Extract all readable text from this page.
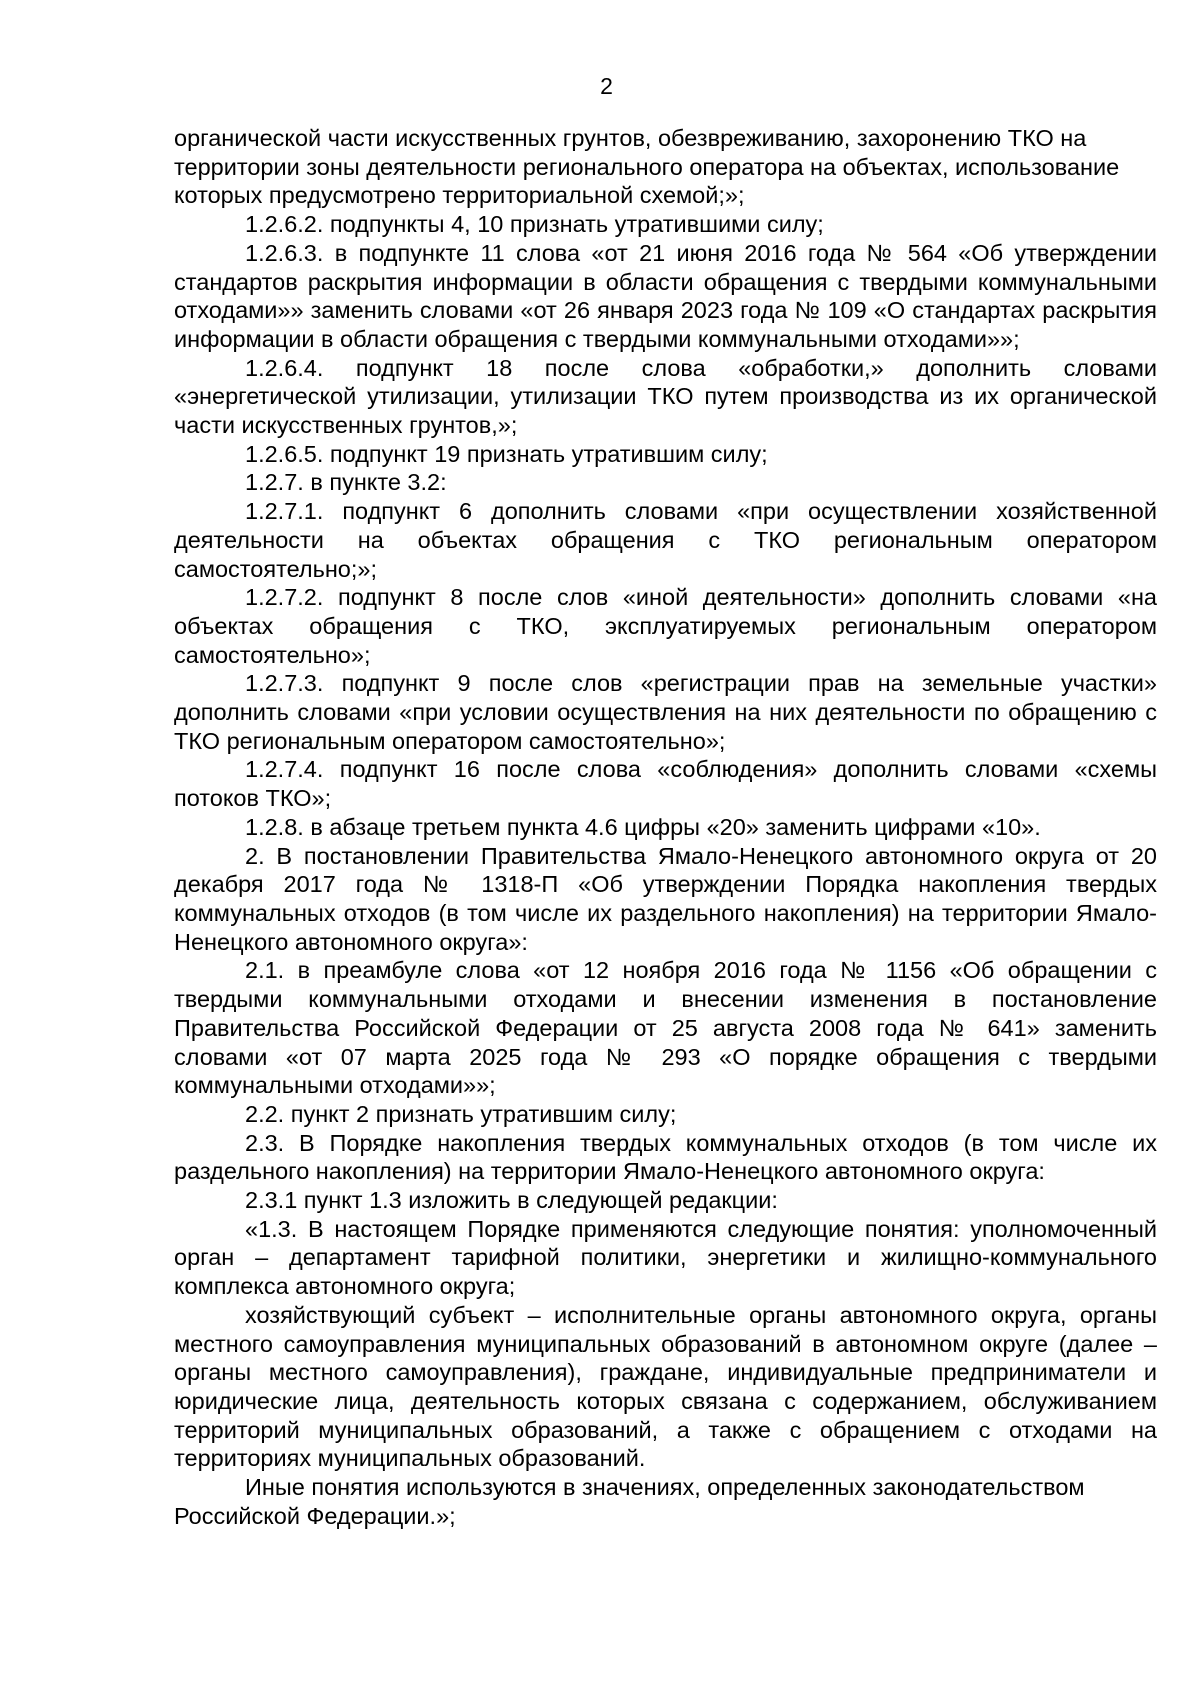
2

органической части искусственных грунтов, обезвреживанию, захоронению ТКО на территории зоны деятельности регионального оператора на объектах, использование которых предусмотрено территориальной схемой;»;

1.2.6.2. подпункты 4, 10 признать утратившими силу;

1.2.6.3. в подпункте 11 слова «от 21 июня 2016 года № 564 «Об утверждении стандартов раскрытия информации в области обращения с твердыми коммунальными отходами»» заменить словами «от 26 января 2023 года № 109 «О стандартах раскрытия информации в области обращения с твердыми коммунальными отходами»»;

1.2.6.4. подпункт 18 после слова «обработки,» дополнить словами «энергетической утилизации, утилизации ТКО путем производства из их органической части искусственных грунтов,»;

1.2.6.5. подпункт 19 признать утратившим силу;

1.2.7. в пункте 3.2:

1.2.7.1. подпункт 6 дополнить словами «при осуществлении хозяйственной деятельности на объектах обращения с ТКО региональным оператором самостоятельно;»;

1.2.7.2. подпункт 8 после слов «иной деятельности» дополнить словами «на объектах обращения с ТКО, эксплуатируемых региональным оператором самостоятельно»;

1.2.7.3. подпункт 9 после слов «регистрации прав на земельные участки» дополнить словами «при условии осуществления на них деятельности по обращению с ТКО региональным оператором самостоятельно»;

1.2.7.4. подпункт 16 после слова «соблюдения» дополнить словами «схемы потоков ТКО»;

1.2.8. в абзаце третьем пункта 4.6 цифры «20» заменить цифрами «10».

2. В постановлении Правительства Ямало-Ненецкого автономного округа от 20 декабря 2017 года № 1318-П «Об утверждении Порядка накопления твердых коммунальных отходов (в том числе их раздельного накопления) на территории Ямало-Ненецкого автономного округа»:

2.1. в преамбуле слова «от 12 ноября 2016 года № 1156 «Об обращении с твердыми коммунальными отходами и внесении изменения в постановление Правительства Российской Федерации от 25 августа 2008 года № 641» заменить словами «от 07 марта 2025 года № 293 «О порядке обращения с твердыми коммунальными отходами»»;

2.2. пункт 2 признать утратившим силу;

2.3. В Порядке накопления твердых коммунальных отходов (в том числе их раздельного накопления) на территории Ямало-Ненецкого автономного округа:

2.3.1 пункт 1.3 изложить в следующей редакции:

«1.3. В настоящем Порядке применяются следующие понятия: уполномоченный орган – департамент тарифной политики, энергетики и жилищно-коммунального комплекса автономного округа;

хозяйствующий субъект – исполнительные органы автономного округа, органы местного самоуправления муниципальных образований в автономном округе (далее – органы местного самоуправления), граждане, индивидуальные предприниматели и юридические лица, деятельность которых связана с содержанием, обслуживанием территорий муниципальных образований, а также с обращением с отходами на территориях муниципальных образований.

Иные понятия используются в значениях, определенных законодательством Российской Федерации.»;
